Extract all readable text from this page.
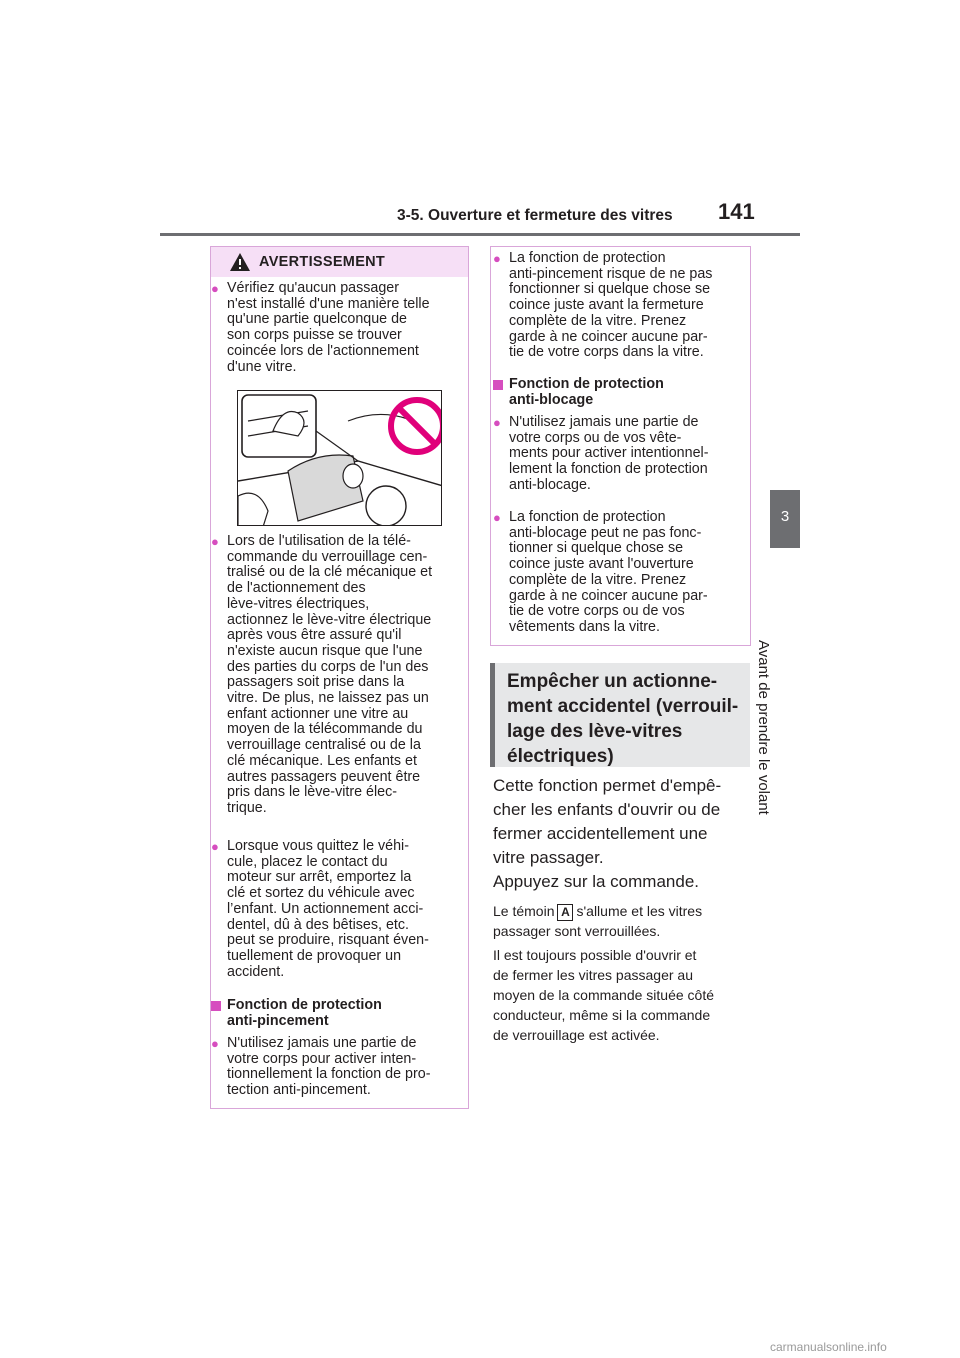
3-5. Ouverture et fermeture des vitres 141
3
Avant de prendre le volant
AVERTISSEMENT
● Vérifiez qu'aucun passager
n'est installé d'une manière telle
qu'une partie quelconque de
son corps puisse se trouver
coincée lors de l'actionnement
d'une vitre.
● Lors de l'utilisation de la télé-
commande du verrouillage cen-
tralisé ou de la clé mécanique et
de l'actionnement des
lève-vitres électriques,
actionnez le lève-vitre électrique
après vous être assuré qu'il
n'existe aucun risque que l'une
des parties du corps de l'un des
passagers soit prise dans la
vitre. De plus, ne laissez pas un
enfant actionner une vitre au
moyen de la télécommande du
verrouillage centralisé ou de la
clé mécanique. Les enfants et
autres passagers peuvent être
pris dans le lève-vitre élec-
trique.
● Lorsque vous quittez le véhi-
cule, placez le contact du
moteur sur arrêt, emportez la
clé et sortez du véhicule avec
l’enfant. Un actionnement acci-
dentel, dû à des bêtises, etc.
peut se produire, risquant éven-
tuellement de provoquer un
accident.
Fonction de protection
anti-pincement
● N'utilisez jamais une partie de
votre corps pour activer inten-
tionnellement la fonction de pro-
tection anti-pincement.
● La fonction de protection
anti-pincement risque de ne pas
fonctionner si quelque chose se
coince juste avant la fermeture
complète de la vitre. Prenez
garde à ne coincer aucune par-
tie de votre corps dans la vitre.
Fonction de protection
anti-blocage
● N'utilisez jamais une partie de
votre corps ou de vos vête-
ments pour activer intentionnel-
lement la fonction de protection
anti-blocage.
● La fonction de protection
anti-blocage peut ne pas fonc-
tionner si quelque chose se
coince juste avant l'ouverture
complète de la vitre. Prenez
garde à ne coincer aucune par-
tie de votre corps ou de vos
vêtements dans la vitre.
Empêcher un actionne-
ment accidentel (verrouil-
lage des lève-vitres
électriques)
Cette fonction permet d'empê-
cher les enfants d'ouvrir ou de
fermer accidentellement une
vitre passager.
Appuyez sur la commande.
Le témoin A s'allume et les vitres
passager sont verrouillées.
Il est toujours possible d'ouvrir et
de fermer les vitres passager au
moyen de la commande située côté
conducteur, même si la commande
de verrouillage est activée.
carmanualsonline.info
